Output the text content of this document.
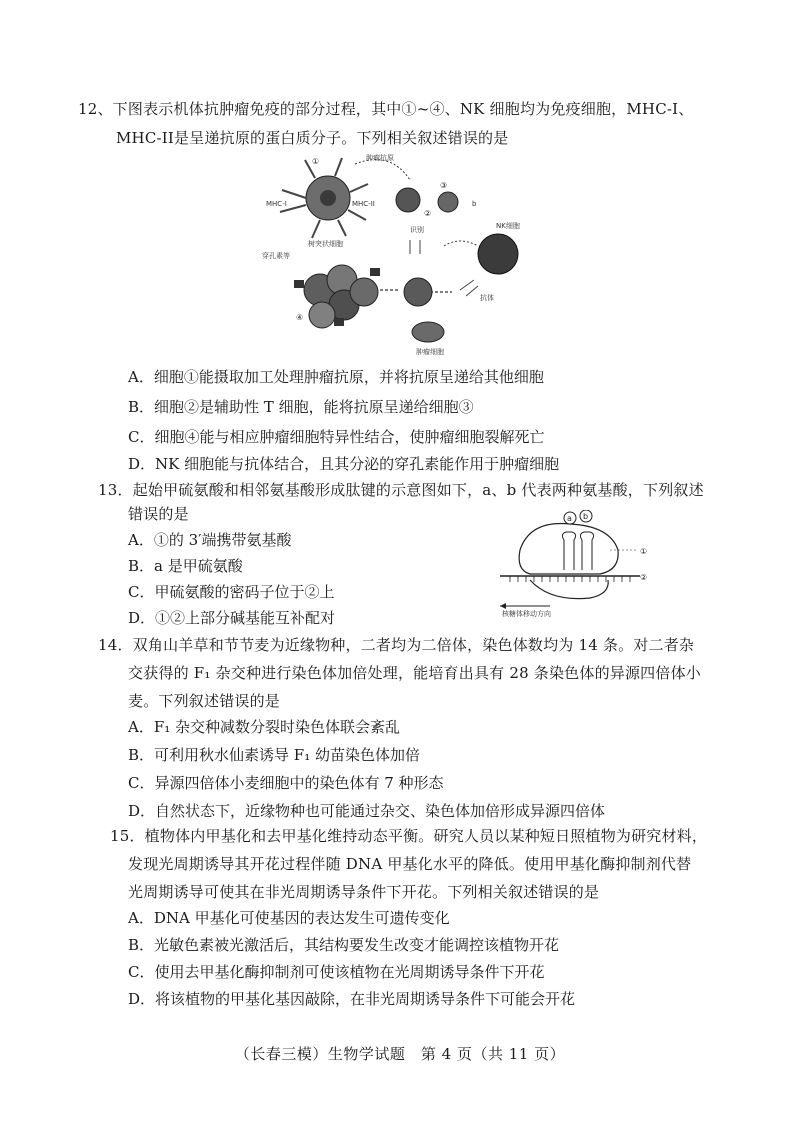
12、下图表示机体抗肿瘤免疫的部分过程，其中①~④、NK 细胞均为免疫细胞，MHC-I、
MHC-II是呈递抗原的蛋白质分子。下列相关叙述错误的是
①
MHC-I	MHC-II
树突状细胞
肿瘤抗原
②
③
b
识别
④
穿孔素等
NK细胞
抗体
肿瘤细胞
A．细胞①能摄取加工处理肿瘤抗原，并将抗原呈递给其他细胞
B．细胞②是辅助性 T 细胞，能将抗原呈递给细胞③
C．细胞④能与相应肿瘤细胞特异性结合，使肿瘤细胞裂解死亡
D．NK 细胞能与抗体结合，且其分泌的穿孔素能作用于肿瘤细胞
13．起始甲硫氨酸和相邻氨基酸形成肽键的示意图如下，a、b 代表两种氨基酸，下列叙述
错误的是
A．①的 3′端携带氨基酸
B．a 是甲硫氨酸
C．甲硫氨酸的密码子位于②上
D．①②上部分碱基能互补配对
a b
①
②
核糖体移动方向
14．双角山羊草和节节麦为近缘物种，二者均为二倍体，染色体数均为 14 条。对二者杂
交获得的 F₁ 杂交种进行染色体加倍处理，能培育出具有 28 条染色体的异源四倍体小
麦。下列叙述错误的是
A．F₁ 杂交种减数分裂时染色体联会紊乱
B．可利用秋水仙素诱导 F₁ 幼苗染色体加倍
C．异源四倍体小麦细胞中的染色体有 7 种形态
D．自然状态下，近缘物种也可能通过杂交、染色体加倍形成异源四倍体
15．植物体内甲基化和去甲基化维持动态平衡。研究人员以某种短日照植物为研究材料，
发现光周期诱导其开花过程伴随 DNA 甲基化水平的降低。使用甲基化酶抑制剂代替
光周期诱导可使其在非光周期诱导条件下开花。下列相关叙述错误的是
A．DNA 甲基化可使基因的表达发生可遗传变化
B．光敏色素被光激活后，其结构要发生改变才能调控该植物开花
C．使用去甲基化酶抑制剂可使该植物在光周期诱导条件下开花
D．将该植物的甲基化基因敲除，在非光周期诱导条件下可能会开花
（长春三模）生物学试题　第 4 页（共 11 页）
